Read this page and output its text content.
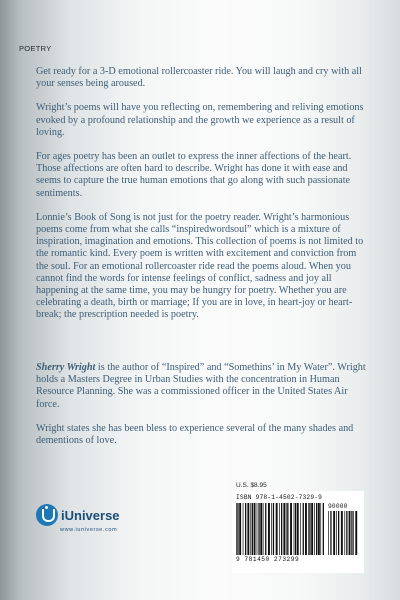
POETRY

Get ready for a 3-D emotional rollercoaster ride. You will laugh and cry with all your senses being aroused.

Wright’s poems will have you reflecting on, remembering and reliving emotions evoked by a profound relationship and the growth we experience as a result of loving.

For ages poetry has been an outlet to express the inner affections of the heart. Those affections are often hard to describe. Wright has done it with ease and seems to capture the true human emotions that go along with such passionate sentiments.

Lonnie’s Book of Song is not just for the poetry reader. Wright’s harmonious poems come from what she calls “inspiredwordsoul” which is a mixture of inspiration, imagination and emotions. This collection of poems is not limited to the romantic kind. Every poem is written with excitement and conviction from the soul. For an emotional rollercoaster ride read the poems aloud. When you cannot find the words for intense feelings of conflict, sadness and joy all happening at the same time, you may be hungry for poetry. Whether you are celebrating a death, birth or marriage; If you are in love, in heart-joy or heart-break; the prescription needed is poetry.

Sherry Wright is the author of “Inspired” and “Somethins’ in My Water”. Wright holds a Masters Degree in Urban Studies with the concentration in Human Resource Planning. She was a commissioned officer in the United States Air force.

Wright states she has been bless to experience several of the many shades and dementions of love.

iUniverse
www.iuniverse.com
U.S. $8.95
ISBN 978-1-4502-7329-9
90000
9 781450 273299
